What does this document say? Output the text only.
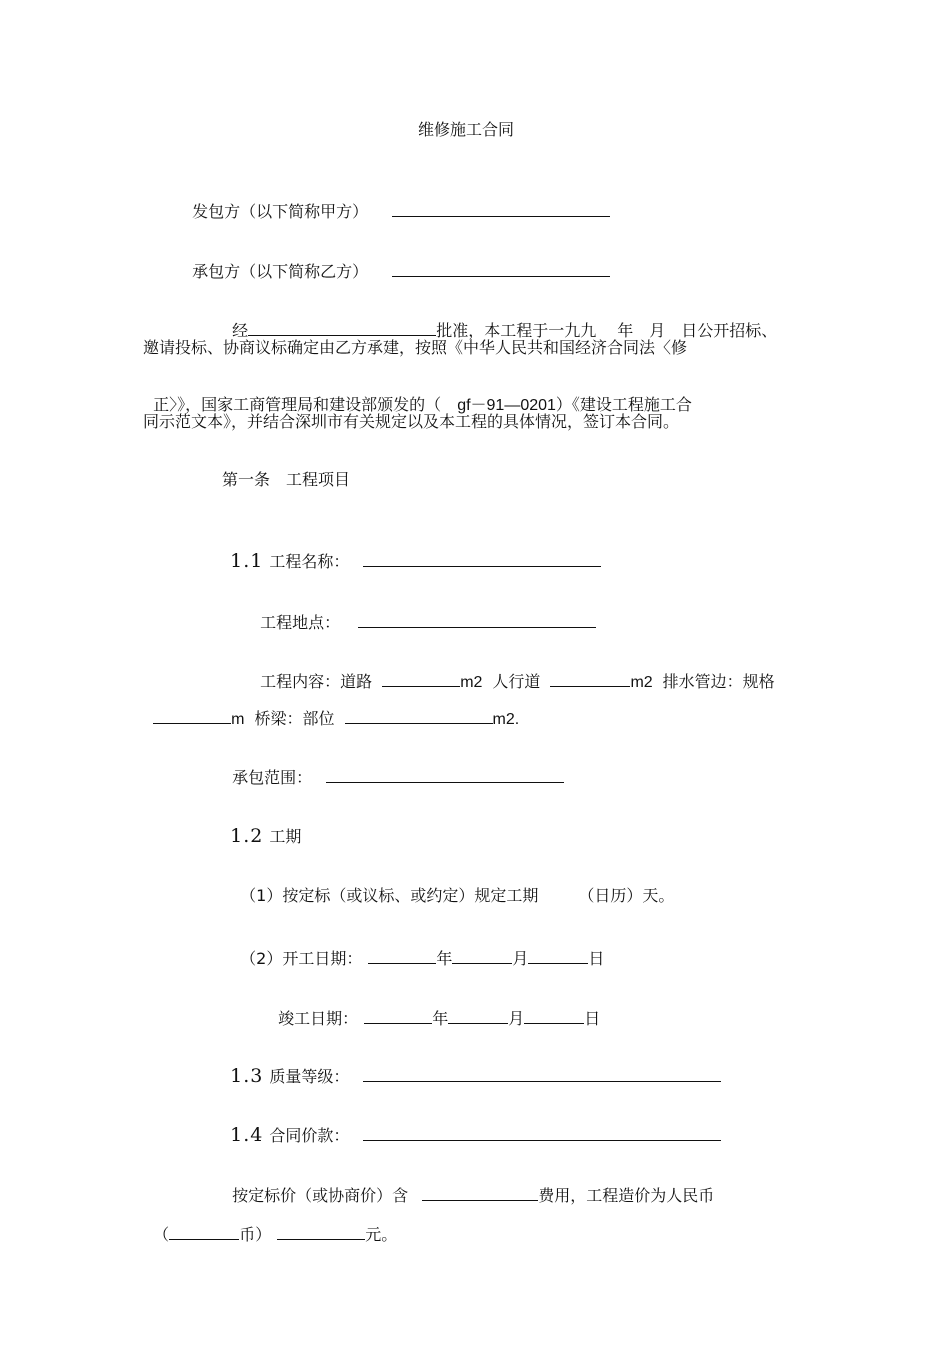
维修施工合同

发包方（以下简称甲方）

承包方（以下简称乙方）

经	批准，本工程于一九九　 年　月　日公开招标、

邀请投标、协商议标确定由乙方承建，按照《中华人民共和国经济合同法〈修

正〉》，国家工商管理局和建设部颁发的（ gf－91—0201）《建设工程施工合

同示范文本》，并结合深圳市有关规定以及本工程的具体情况，签订本合同。
第一条　工程项目

1.1 工程名称：

工程地点：

工程内容：道路	m2 人行道	m2 排水管边：规格

m 桥梁：部位	m2.

承包范围：

1.2 工期

（1）按定标（或议标、或约定）规定工期	（日历）天。

（2）开工日期：	年	月	日

竣工日期：	年	月	日

1.3 质量等级：

1.4 合同价款：

按定标价（或协商价）含	费用，工程造价为人民币

（	币）	元。
